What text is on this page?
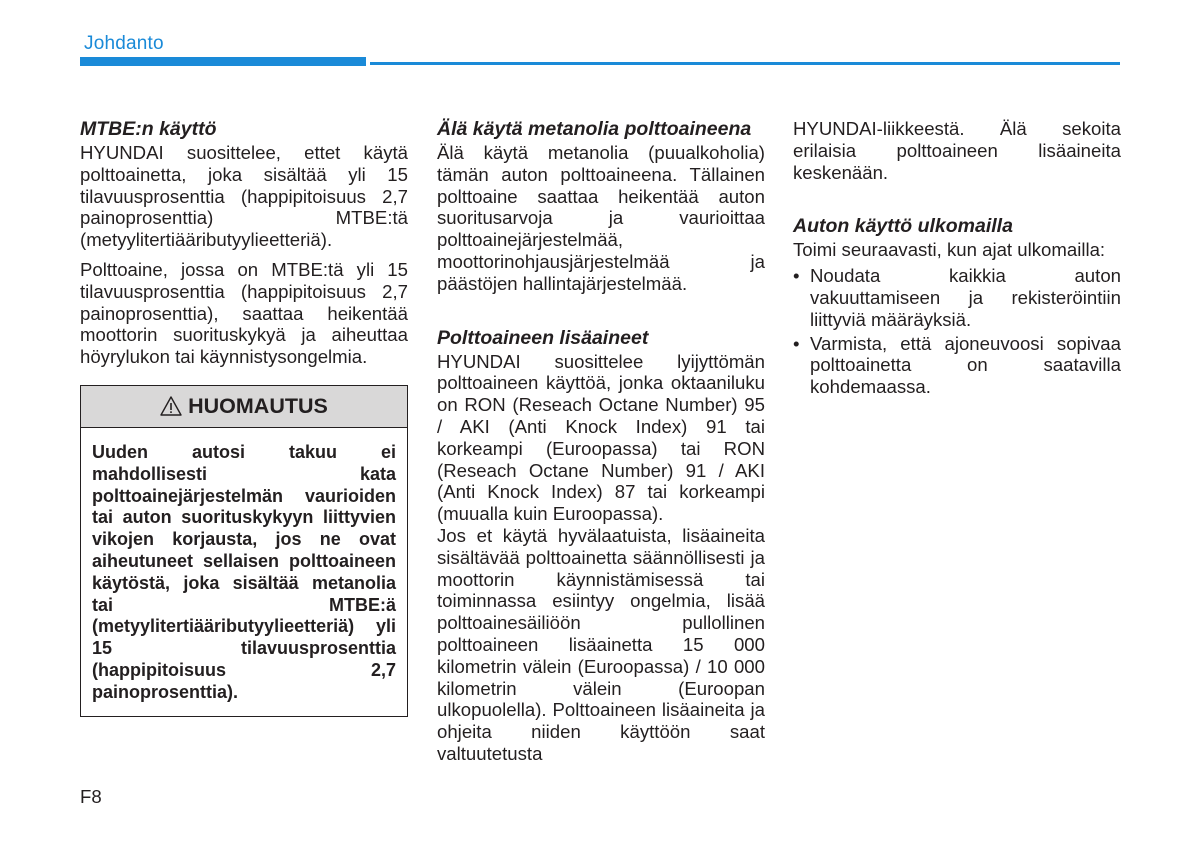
Johdanto
MTBE:n käyttö

HYUNDAI suosittelee, ettet käytä polttoainetta, joka sisältää yli 15 tilavuusprosenttia (happipitoisuus 2,7 painoprosenttia) MTBE:tä (metyylitertiääributyylieetteriä).

Polttoaine, jossa on MTBE:tä yli 15 tilavuusprosenttia (happipitoisuus 2,7 painoprosenttia), saattaa heikentää moottorin suorituskykyä ja aiheuttaa höyrylukon tai käynnistysongelmia.

HUOMAUTUS
Uuden autosi takuu ei mahdollisesti kata polttoainejärjestelmän vaurioiden tai auton suorituskykyyn liittyvien vikojen korjausta, jos ne ovat aiheutuneet sellaisen polttoaineen käytöstä, joka sisältää metanolia tai MTBE:ä (metyylitertiääributyylieetteriä) yli 15 tilavuusprosenttia (happipitoisuus 2,7 painoprosenttia).
Älä käytä metanolia polttoaineena

Älä käytä metanolia (puualkoholia) tämän auton polttoaineena. Tällainen polttoaine saattaa heikentää auton suoritusarvoja ja vaurioittaa polttoainejärjestelmää, moottorinohjausjärjestelmää ja päästöjen hallintajärjestelmää.

Polttoaineen lisäaineet

HYUNDAI suosittelee lyijyttömän polttoaineen käyttöä, jonka oktaaniluku on RON (Reseach Octane Number) 95 / AKI (Anti Knock Index) 91 tai korkeampi (Euroopassa) tai RON (Reseach Octane Number) 91 / AKI (Anti Knock Index) 87 tai korkeampi (muualla kuin Euroopassa).

Jos et käytä hyvälaatuista, lisäaineita sisältävää polttoainetta säännöllisesti ja moottorin käynnistämisessä tai toiminnassa esiintyy ongelmia, lisää polttoainesäiliöön pullollinen polttoaineen lisäainetta 15 000 kilometrin välein (Euroopassa) / 10 000 kilometrin välein (Euroopan ulkopuolella). Polttoaineen lisäaineita ja ohjeita niiden käyttöön saat valtuutetusta

HYUNDAI-liikkeestä. Älä sekoita erilaisia polttoaineen lisäaineita keskenään.

Auton käyttö ulkomailla

Toimi seuraavasti, kun ajat ulkomailla:

• Noudata kaikkia auton vakuuttamiseen ja rekisteröintiin liittyviä määräyksiä.
• Varmista, että ajoneuvoosi sopivaa polttoainetta on saatavilla kohdemaassa.
F8
